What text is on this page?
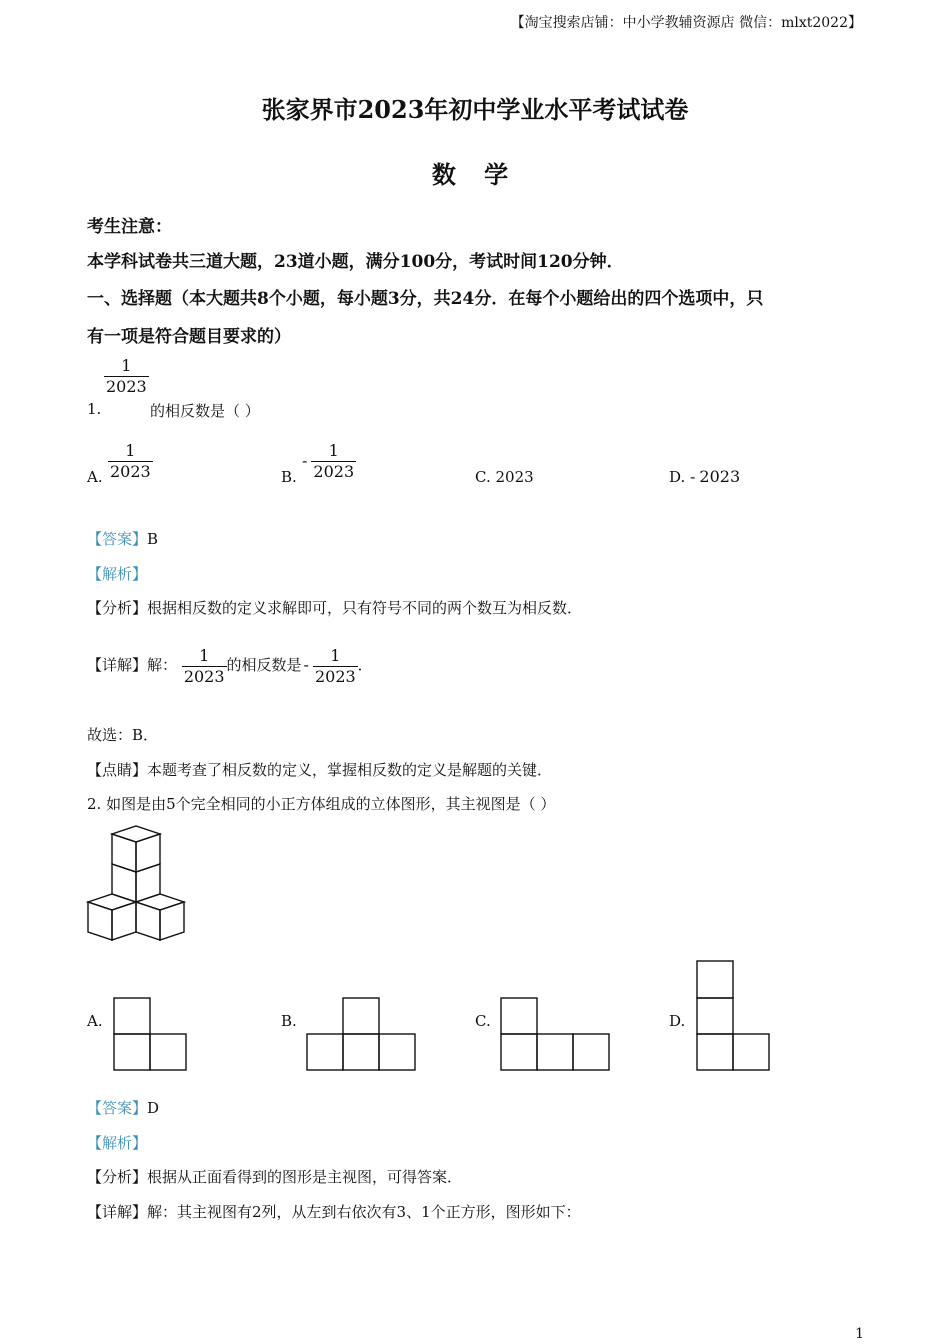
【淘宝搜索店铺：中小学教辅资源店 微信：mlxt2022】
张家界市2023年初中学业水平考试试卷
数 学
考生注意：
本学科试卷共三道大题，23道小题，满分100分，考试时间120分钟．
一、选择题（本大题共8个小题，每小题3分，共24分．在每个小题给出的四个选项中，只
有一项是符合题目要求的）
1.
$\frac{1}{2023}$
的相反数是（ ）
A. $\frac{1}{2023}$	B.
- $\frac{1}{2023}$	C. 2023	D. - 2023
【答案】B
【解析】
【分析】根据相反数的定义求解即可，只有符号不同的两个数互为相反数．
【详解】解： $\frac{1}{2023}$ 的相反数是 - $\frac{1}{2023}$ ．
故选：B．
【点睛】本题考查了相反数的定义，掌握相反数的定义是解题的关键．
2. 如图是由5个完全相同的小正方体组成的立体图形，其主视图是（ ）
A.	B.	C.	D.
【答案】D
【解析】
【分析】根据从正面看得到的图形是主视图，可得答案．
【详解】解：其主视图有2列，从左到右依次有3、1个正方形，图形如下：
1
